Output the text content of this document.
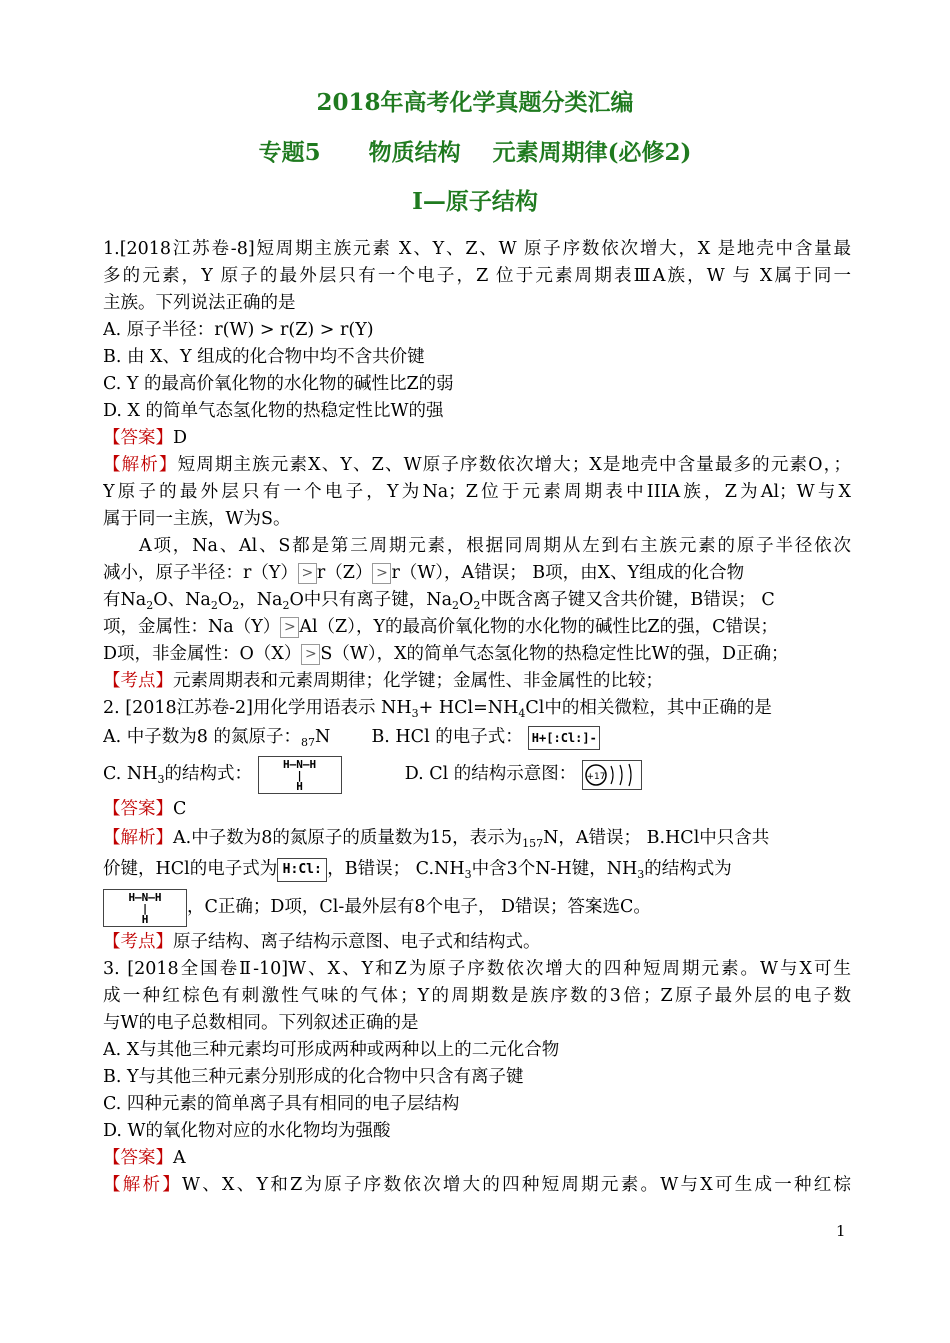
2018年高考化学真题分类汇编
专题5      物质结构    元素周期律(必修2)
Ⅰ—原子结构
1.[2018江苏卷-8]短周期主族元素 X、Y、Z、W 原子序数依次增大，X 是地壳中含量最
多的元素，Y 原子的最外层只有一个电子，Z 位于元素周期表ⅢA族，W 与 X属于同一
主族。下列说法正确的是
A. 原子半径：r(W) > r(Z) > r(Y)
B. 由 X、Y 组成的化合物中均不含共价键
C. Y 的最高价氧化物的水化物的碱性比Z的弱
D. X 的简单气态氢化物的热稳定性比W的强
【答案】D
【解析】短周期主族元素X、Y、Z、W原子序数依次增大；X是地壳中含量最多的元素O，；
Y原子的最外层只有一个电子，Y为Na；Z位于元素周期表中IIIA族，Z为Al；W与X
属于同一主族，W为S。
A项，Na、Al、S都是第三周期元素，根据同周期从左到右主族元素的原子半径依次
减小，原子半径：r（Y） > r（Z） > r（W），A错误； B项，由X、Y组成的化合物
有$Na_2O$、$Na_2O_2$，$Na_2O$中只有离子键，$Na_2O_2$中既含离子键又含共价键，B错误； C
项，金属性：Na（Y） > Al（Z），Y的最高价氧化物的水化物的碱性比Z的强，C错误；
D项，非金属性：O（X） > S（W），X的简单气态氢化物的热稳定性比W的强，D正确；
【考点】元素周期表和元素周期律；化学键；金属性、非金属性的比较；
2. [2018江苏卷-2]用化学用语表示 $NH_3+ HCl=NH_4Cl$中的相关微粒，其中正确的是
A. 中子数为8 的氮原子：$_{87}$N B. HCl 的电子式： H+[:Cl:]-
C. $NH_3$的结构式：	H—N—H
|
H
D. Cl 的结构示意图： +17
【答案】C
【解析】A.中子数为8的氮原子的质量数为15，表示为$_{157}$N，A错误； B.HCl中只含共
价键，HCl的电子式为 H:Cl: ，B错误； $C.NH_3$中含3个N-H键，$NH_3$的结构式为
H—N—H
|
H
，C正确；D项，Cl-最外层有8个电子， D错误；答案选C。
【考点】原子结构、离子结构示意图、电子式和结构式。
3. [2018全国卷Ⅱ-10]W、X、Y和Z为原子序数依次增大的四种短周期元素。W与X可生
成一种红棕色有刺激性气味的气体；Y的周期数是族序数的3倍；Z原子最外层的电子数
与W的电子总数相同。下列叙述正确的是
A. X与其他三种元素均可形成两种或两种以上的二元化合物
B. Y与其他三种元素分别形成的化合物中只含有离子键
C. 四种元素的简单离子具有相同的电子层结构
D. W的氧化物对应的水化物均为强酸
【答案】A
【解析】W、X、Y和Z为原子序数依次增大的四种短周期元素。W与X可生成一种红棕
1
